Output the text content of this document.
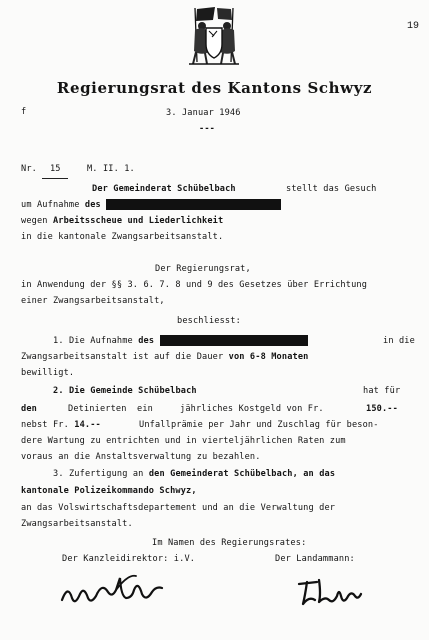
19
Regierungsrat des Kantons Schwyz
f	3. Januar 1946
---
Nr. 15	M. II. 1.
Der Gemeinderat Schübelbach	stellt das Gesuch
um Aufnahme des
wegen Arbeitsscheue und Liederlichkeit
in die kantonale Zwangsarbeitsanstalt.
Der Regierungsrat,
in Anwendung der §§ 3. 6. 7. 8 und 9 des Gesetzes über Errichtung
einer Zwangsarbeitsanstalt,
beschliesst:
1. Die Aufnahme des	in die
Zwangsarbeitsanstalt ist auf die Dauer von 6-8 Monaten
bewilligt.
2. Die Gemeinde Schübelbach	hat für
den	Detinierten ein	jährliches Kostgeld von Fr.	150.--
nebst Fr. 14.--	Unfallprämie per Jahr und Zuschlag für beson-
dere Wartung zu entrichten und in vierteljährlichen Raten zum
voraus an die Anstaltsverwaltung zu bezahlen.
3. Zufertigung an den Gemeinderat Schübelbach, an das
kantonale Polizeikommando Schwyz,
an das Volswirtschaftsdepartement und an die Verwaltung der
Zwangsarbeitsanstalt.
Im Namen des Regierungsrates:
Der Kanzleidirektor: i.V.	Der Landammann:
